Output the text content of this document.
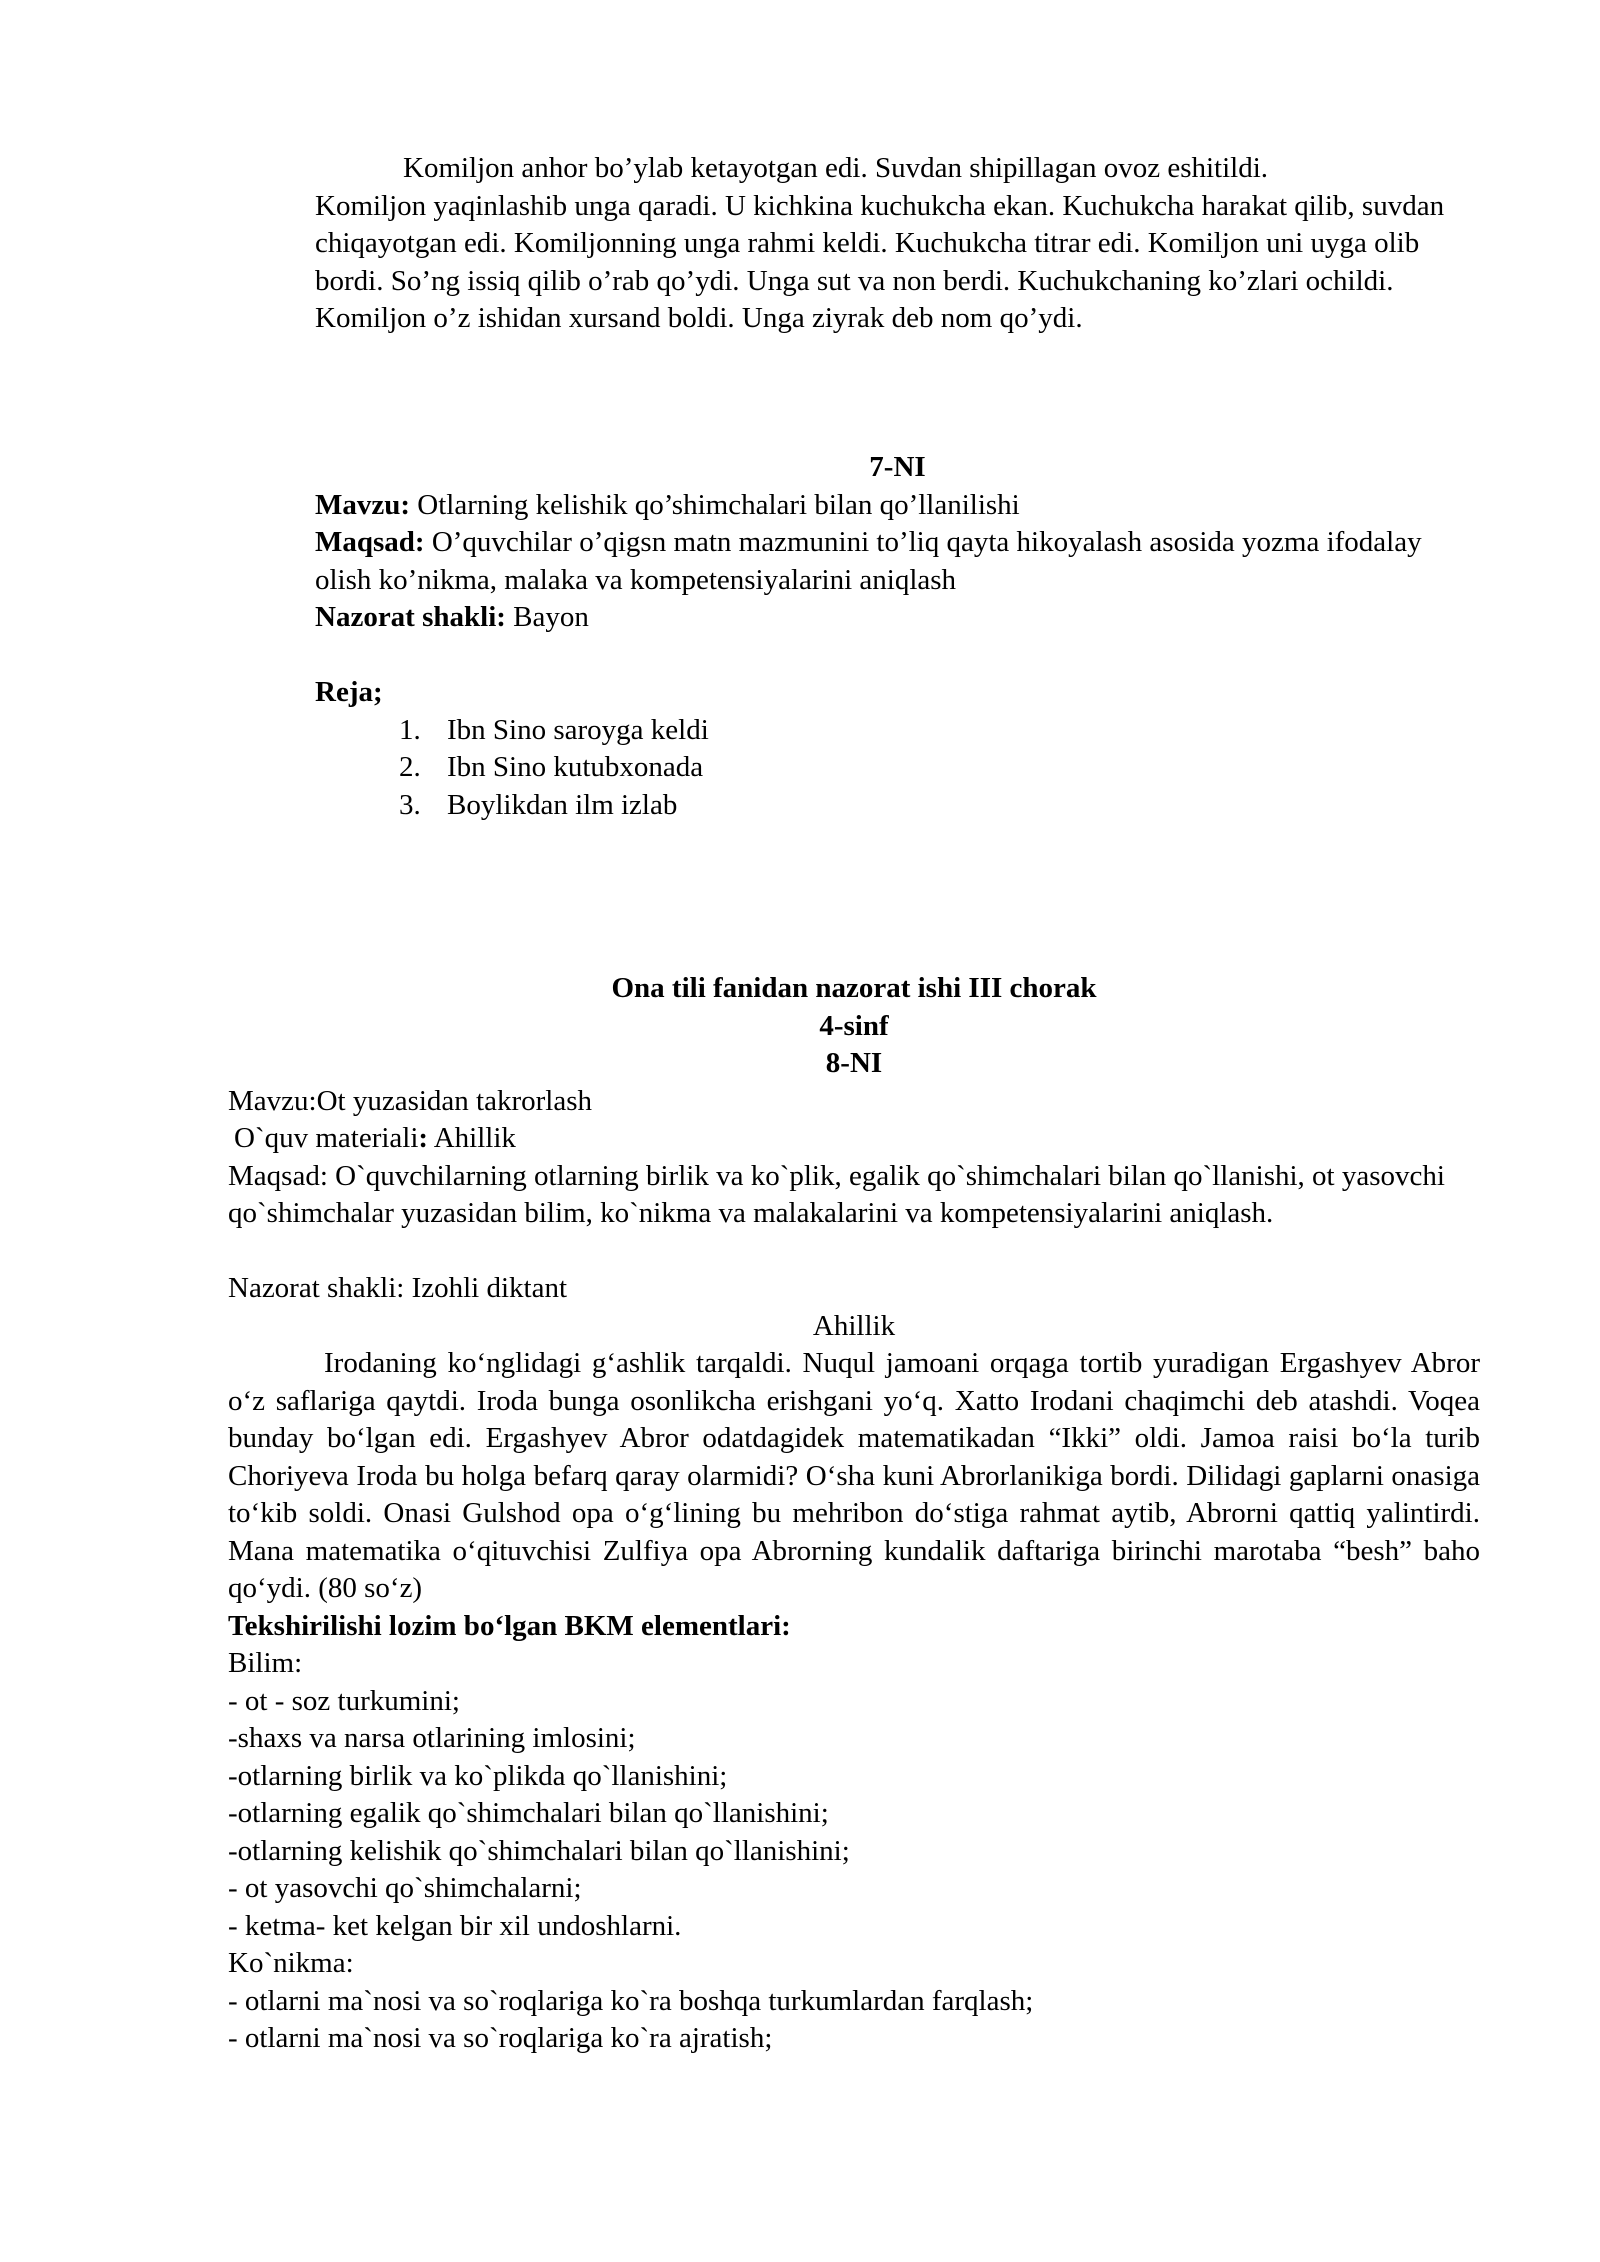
Komiljon anhor bo’ylab ketayotgan edi. Suvdan shipillagan ovoz eshitildi.

Komiljon yaqinlashib unga qaradi. U kichkina kuchukcha ekan. Kuchukcha harakat qilib, suvdan chiqayotgan edi. Komiljonning unga rahmi keldi. Kuchukcha titrar edi. Komiljon uni uyga olib bordi. So’ng issiq qilib o’rab qo’ydi. Unga sut va non berdi. Kuchukchaning ko’zlari ochildi. Komiljon o’z ishidan xursand boldi. Unga ziyrak deb nom qo’ydi.

7-NI

Mavzu: Otlarning kelishik qo’shimchalari bilan qo’llanilishi

Maqsad: O’quvchilar o’qigsn matn mazmunini to’liq qayta hikoyalash asosida yozma ifodalay olish ko’nikma, malaka va kompetensiyalarini aniqlash

Nazorat shakli: Bayon

Reja;

1. Ibn Sino saroyga keldi
2. Ibn Sino kutubxonada
3. Boylikdan ilm izlab

Ona tili fanidan nazorat ishi III chorak

4-sinf

8-NI

Mavzu:Ot yuzasidan takrorlash

O`quv materiali: Ahillik

Maqsad: O`quvchilarning otlarning birlik va ko`plik, egalik qo`shimchalari bilan qo`llanishi, ot yasovchi qo`shimchalar yuzasidan bilim, ko`nikma va malakalarini va kompetensiyalarini aniqlash.

Nazorat shakli: Izohli diktant

Ahillik

Irodaning ko‘nglidagi g‘ashlik tarqaldi. Nuqul jamoani orqaga tortib yuradigan Ergashyev Abror o‘z saflariga qaytdi. Iroda bunga osonlikcha erishgani yo‘q. Xatto Irodani chaqimchi deb atashdi. Voqea bunday bo‘lgan edi. Ergashyev Abror odatdagidek matematikadan “Ikki” oldi. Jamoa raisi bo‘la turib Choriyeva Iroda bu holga befarq qaray olarmidi? O‘sha kuni Abrorlanikiga bordi. Dilidagi gaplarni onasiga to‘kib soldi. Onasi Gulshod opa o‘g‘lining bu mehribon do‘stiga rahmat aytib, Abrorni qattiq yalintirdi. Mana matematika o‘qituvchisi Zulfiya opa Abrorning kundalik daftariga birinchi marotaba “besh” baho qo‘ydi. (80 so‘z)

Tekshirilishi lozim bo‘lgan BKM elementlari:

Bilim:

- ot - soz turkumini;

-shaxs va narsa otlarining imlosini;

-otlarning birlik va ko`plikda qo`llanishini;

-otlarning egalik qo`shimchalari bilan qo`llanishini;

-otlarning kelishik qo`shimchalari bilan qo`llanishini;

- ot yasovchi qo`shimchalarni;

- ketma- ket kelgan bir xil undoshlarni.

Ko`nikma:

- otlarni ma`nosi va so`roqlariga ko`ra boshqa turkumlardan farqlash;

- otlarni ma`nosi va so`roqlariga ko`ra ajratish;
